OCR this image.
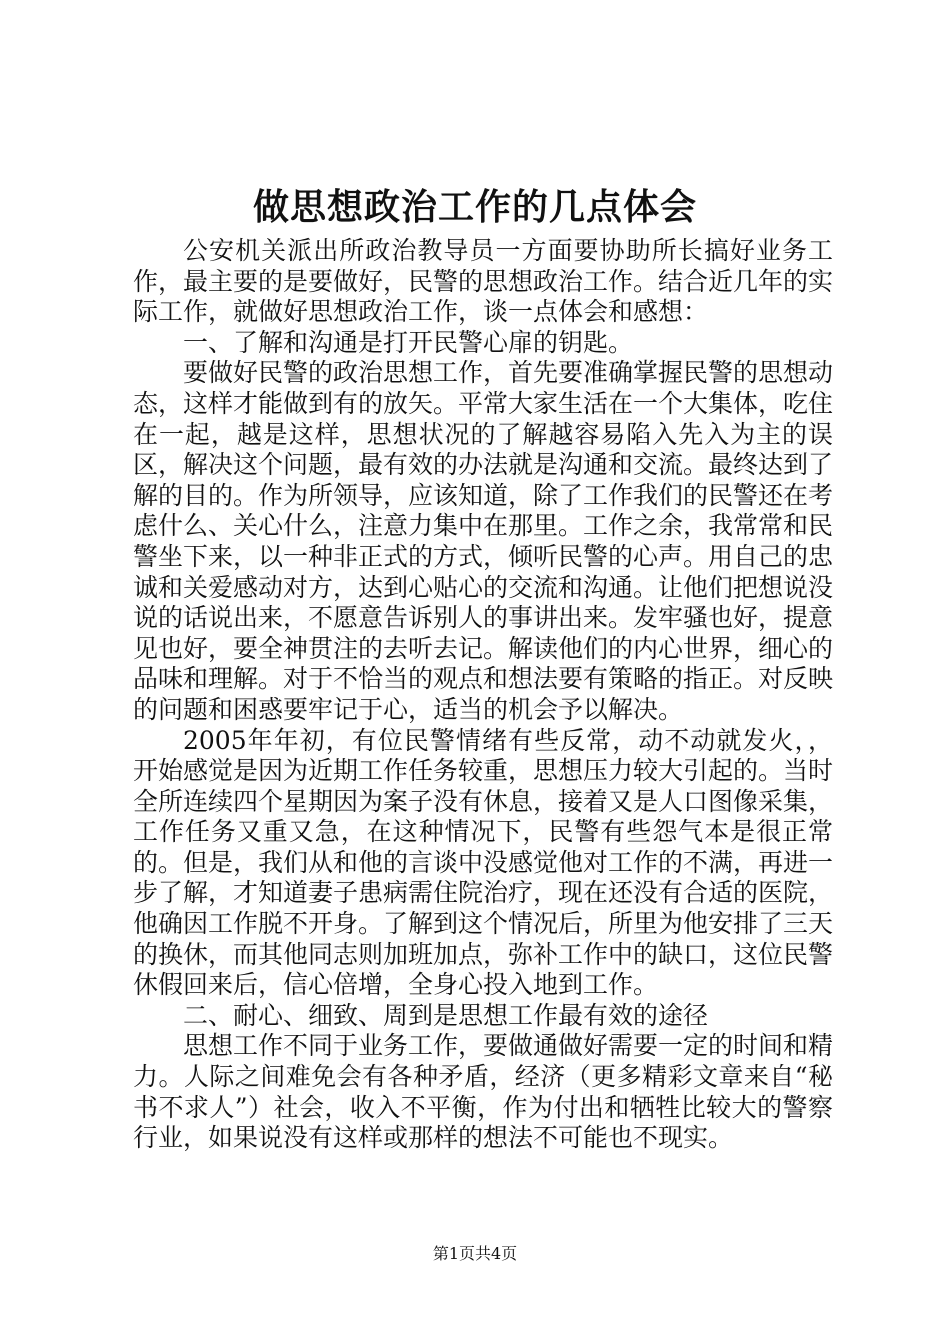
做思想政治工作的几点体会

公安机关派出所政治教导员一方面要协助所长搞好业务工作，最主要的是要做好，民警的思想政治工作。结合近几年的实际工作，就做好思想政治工作，谈一点体会和感想：

一、了解和沟通是打开民警心扉的钥匙。

要做好民警的政治思想工作，首先要准确掌握民警的思想动态，这样才能做到有的放矢。平常大家生活在一个大集体，吃住在一起，越是这样，思想状况的了解越容易陷入先入为主的误区，解决这个问题，最有效的办法就是沟通和交流。最终达到了解的目的。作为所领导，应该知道，除了工作我们的民警还在考虑什么、关心什么，注意力集中在那里。工作之余，我常常和民警坐下来，以一种非正式的方式，倾听民警的心声。用自己的忠诚和关爱感动对方，达到心贴心的交流和沟通。让他们把想说没说的话说出来，不愿意告诉别人的事讲出来。发牢骚也好，提意见也好，要全神贯注的去听去记。解读他们的内心世界，细心的品味和理解。对于不恰当的观点和想法要有策略的指正。对反映的问题和困惑要牢记于心，适当的机会予以解决。

2005年年初，有位民警情绪有些反常，动不动就发火，，开始感觉是因为近期工作任务较重，思想压力较大引起的。当时全所连续四个星期因为案子没有休息，接着又是人口图像采集，工作任务又重又急，在这种情况下，民警有些怨气本是很正常的。但是，我们从和他的言谈中没感觉他对工作的不满，再进一步了解，才知道妻子患病需住院治疗，现在还没有合适的医院，他确因工作脱不开身。了解到这个情况后，所里为他安排了三天的换休，而其他同志则加班加点，弥补工作中的缺口，这位民警休假回来后，信心倍增，全身心投入地到工作。

二、耐心、细致、周到是思想工作最有效的途径

思想工作不同于业务工作，要做通做好需要一定的时间和精力。人际之间难免会有各种矛盾，经济（更多精彩文章来自“秘书不求人”）社会，收入不平衡，作为付出和牺牲比较大的警察行业，如果说没有这样或那样的想法不可能也不现实。

第1页共4页
